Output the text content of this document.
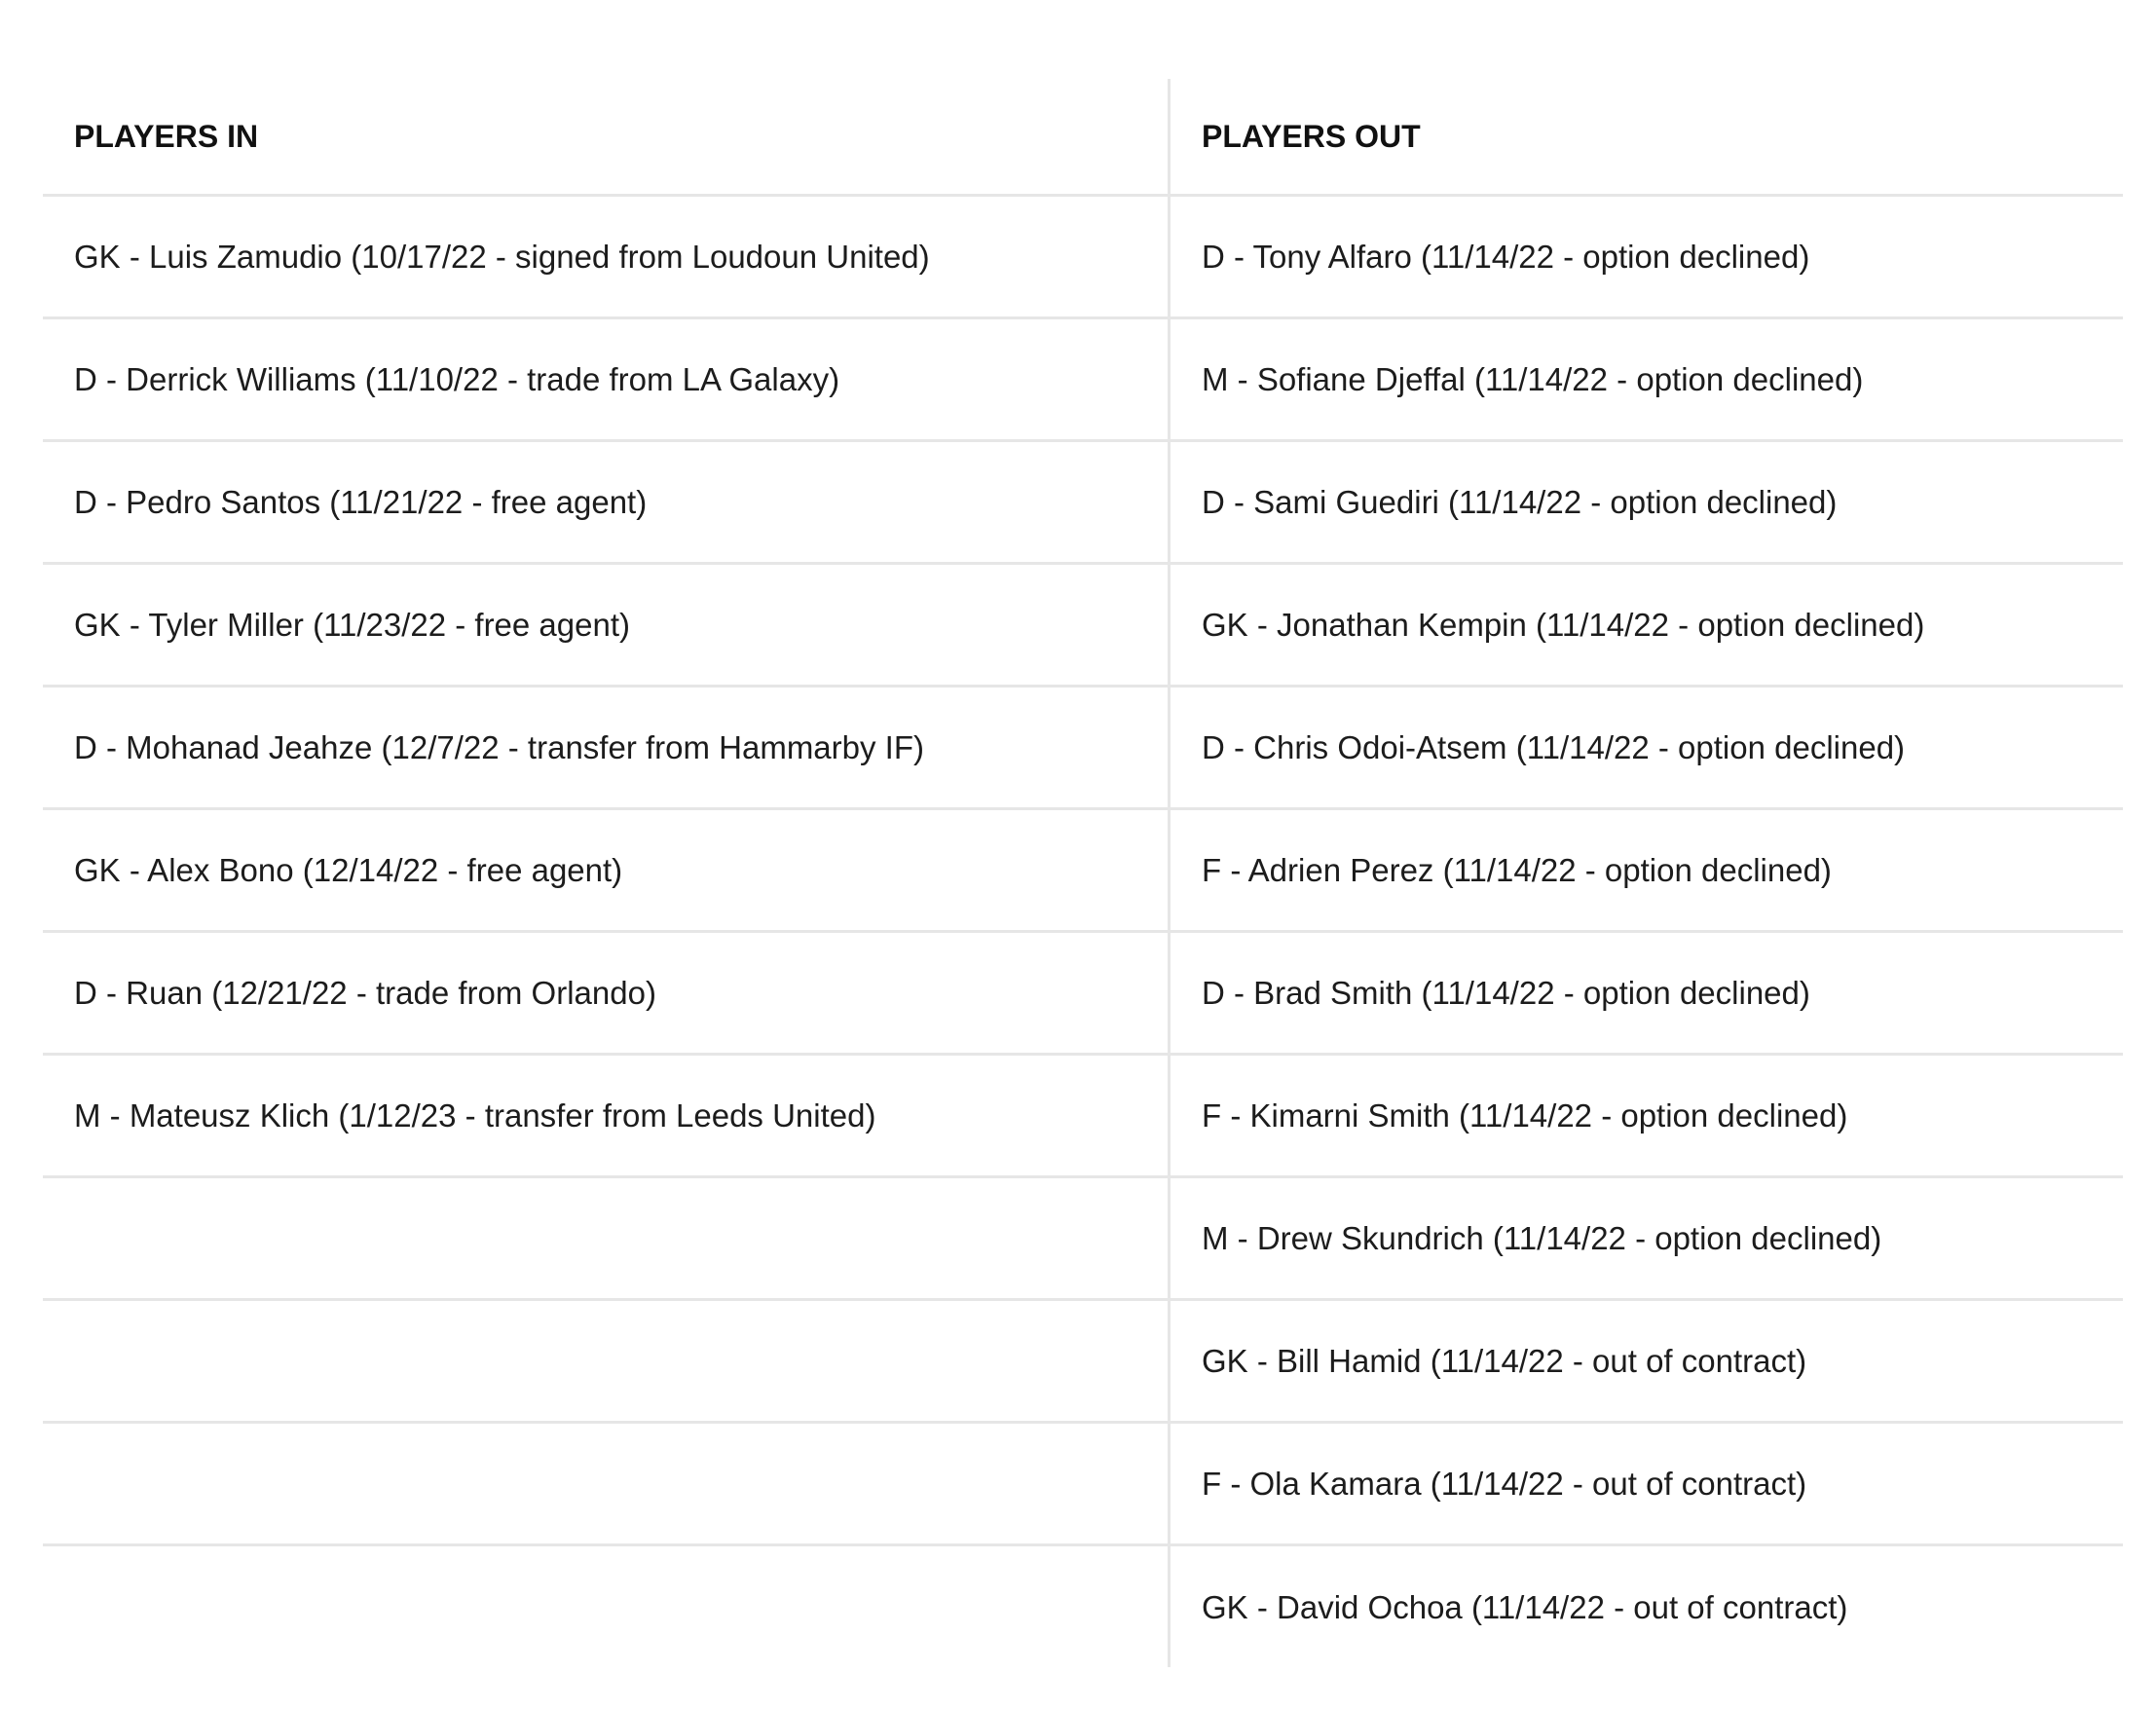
PLAYERS IN
GK - Luis Zamudio (10/17/22 - signed from Loudoun United)
D - Derrick Williams (11/10/22 - trade from LA Galaxy)
D - Pedro Santos (11/21/22 - free agent)
GK - Tyler Miller (11/23/22 - free agent)
D - Mohanad Jeahze (12/7/22 - transfer from Hammarby IF)
GK - Alex Bono (12/14/22 - free agent)
D - Ruan (12/21/22 - trade from Orlando)
M - Mateusz Klich (1/12/23 - transfer from Leeds United)
PLAYERS OUT
D - Tony Alfaro (11/14/22 - option declined)
M - Sofiane Djeffal (11/14/22 - option declined)
D - Sami Guediri (11/14/22 - option declined)
GK - Jonathan Kempin (11/14/22 - option declined)
D - Chris Odoi-Atsem (11/14/22 - option declined)
F - Adrien Perez (11/14/22 - option declined)
D - Brad Smith (11/14/22 - option declined)
F - Kimarni Smith (11/14/22 - option declined)
M - Drew Skundrich (11/14/22 - option declined)
GK - Bill Hamid (11/14/22 - out of contract)
F - Ola Kamara (11/14/22 - out of contract)
GK - David Ochoa (11/14/22 - out of contract)
